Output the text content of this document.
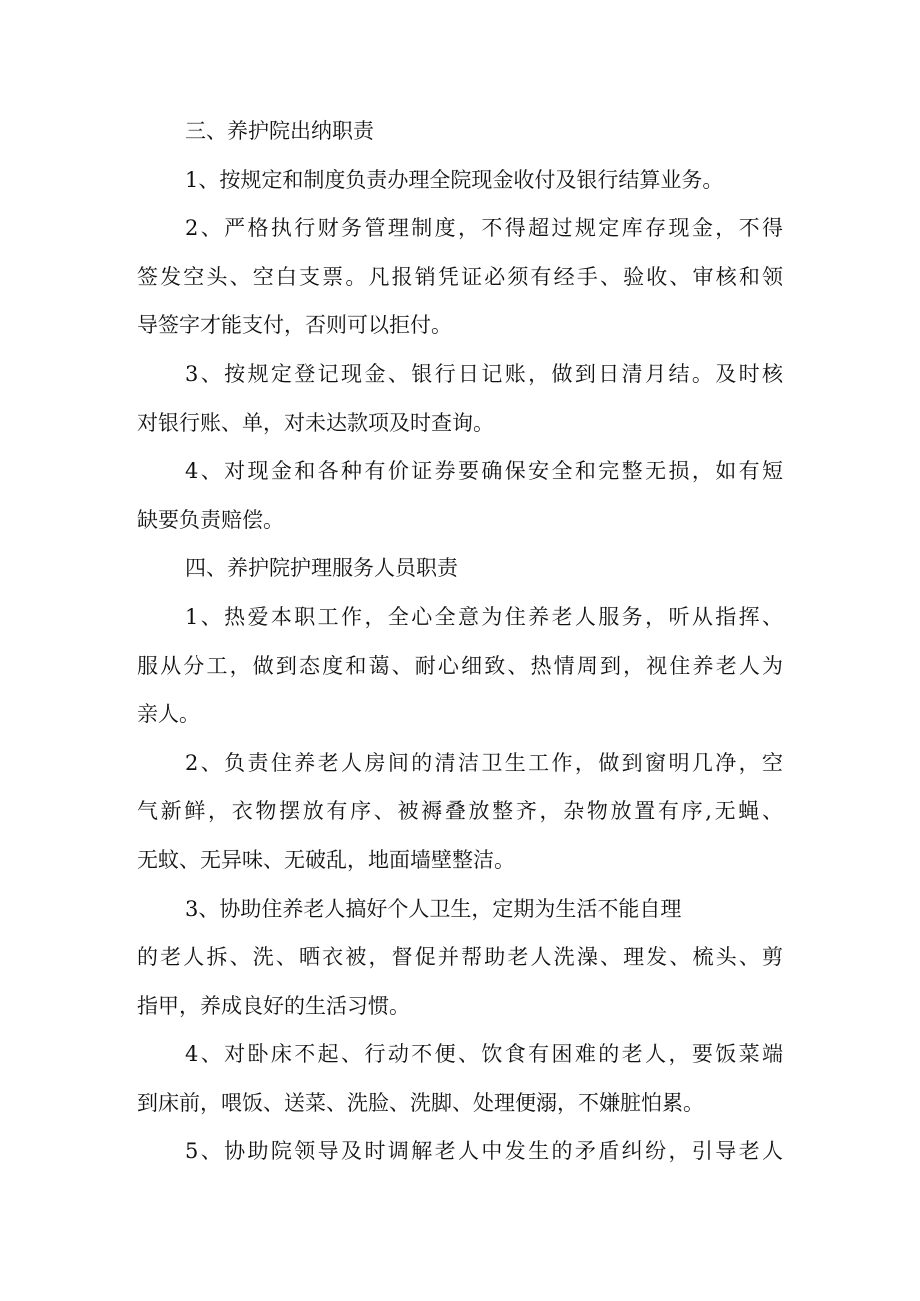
三、养护院出纳职责
1、按规定和制度负责办理全院现金收付及银行结算业务。
2、严格执行财务管理制度，不得超过规定库存现金，不得
签发空头、空白支票。凡报销凭证必须有经手、验收、审核和领
导签字才能支付，否则可以拒付。
3、按规定登记现金、银行日记账，做到日清月结。及时核
对银行账、单，对未达款项及时查询。
4、对现金和各种有价证券要确保安全和完整无损，如有短
缺要负责赔偿。
四、养护院护理服务人员职责
1、热爱本职工作，全心全意为住养老人服务，听从指挥、
服从分工，做到态度和蔼、耐心细致、热情周到，视住养老人为
亲人。
2、负责住养老人房间的清洁卫生工作，做到窗明几净，空
气新鲜，衣物摆放有序、被褥叠放整齐，杂物放置有序,无蝇、
无蚊、无异味、无破乱，地面墙壁整洁。
3、协助住养老人搞好个人卫生，定期为生活不能自理
的老人拆、洗、晒衣被，督促并帮助老人洗澡、理发、梳头、剪
指甲，养成良好的生活习惯。
4、对卧床不起、行动不便、饮食有困难的老人，要饭菜端
到床前，喂饭、送菜、洗脸、洗脚、处理便溺，不嫌脏怕累。
5、协助院领导及时调解老人中发生的矛盾纠纷，引导老人
